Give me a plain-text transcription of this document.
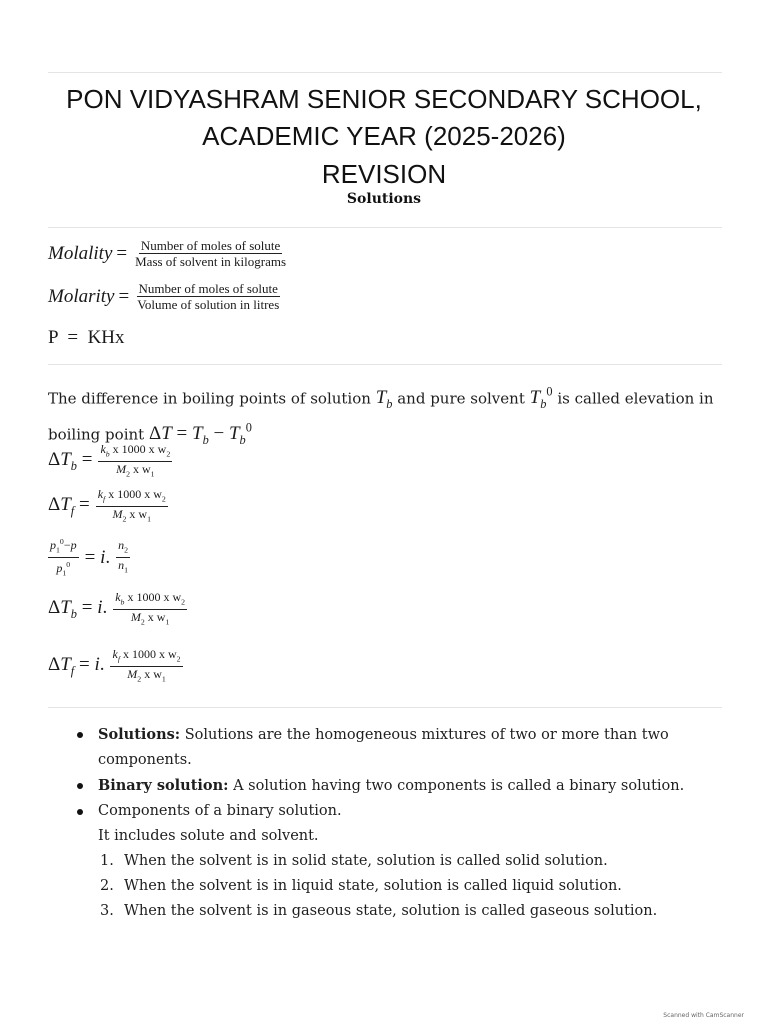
PON VIDYASHRAM SENIOR SECONDARY SCHOOL,
ACADEMIC YEAR (2025-2026)
REVISION
Solutions
Molality = $\frac{\text{Number of moles of solute}}{\text{Mass of solvent in kilograms}}$
Molarity = $\frac{\text{Number of moles of solute}}{\text{Volume of solution in litres}}$
P  =  KHx
The difference in boiling points of solution $T_b$ and pure solvent $T_b^0$ is called elevation in boiling point $\Delta T = T_b - T_b^0$
$\Delta T_b = \frac{k_b x 1000 x w_2}{M_2 x w_1}$
$\Delta T_f = \frac{k_f x 1000 x w_2}{M_2 x w_1}$
$\frac{p_1^0-p}{p_1^0} = i$. $\frac{n_2}{n_1}$
$\Delta T_b = i$. $\frac{k_b x 1000 x w_2}{M_2 x w_1}$
$\Delta T_f = i$. $\frac{k_f x 1000 x w_2}{M_2 x w_1}$
Solutions: Solutions are the homogeneous mixtures of two or more than two components.
Binary solution: A solution having two components is called a binary solution.
Components of a binary solution.
It includes solute and solvent.
1. When the solvent is in solid state, solution is called solid solution.
2. When the solvent is in liquid state, solution is called liquid solution.
3. When the solvent is in gaseous state, solution is called gaseous solution.
Scanned with CamScanner
